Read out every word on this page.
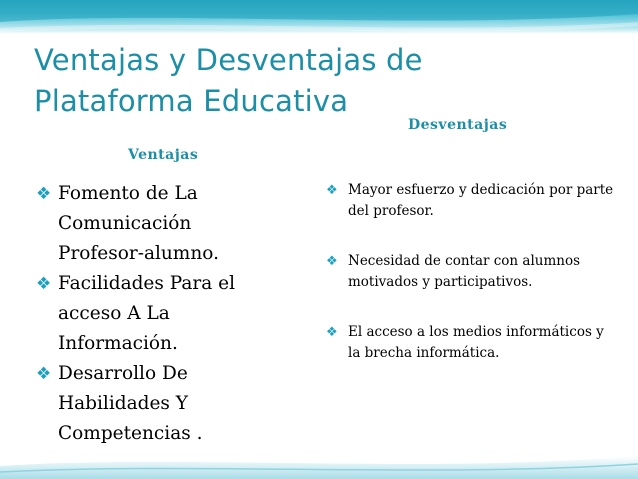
Ventajas y Desventajas de Plataforma Educativa
Ventajas
Desventajas
❖ Fomento de La Comunicación Profesor-alumno.
❖ Facilidades Para el acceso A La Información.
❖ Desarrollo De Habilidades Y Competencias .
❖ Mayor esfuerzo y dedicación por parte del profesor.
❖ Necesidad de contar con alumnos motivados y participativos.
❖ El acceso a los medios informáticos y la brecha informática.
